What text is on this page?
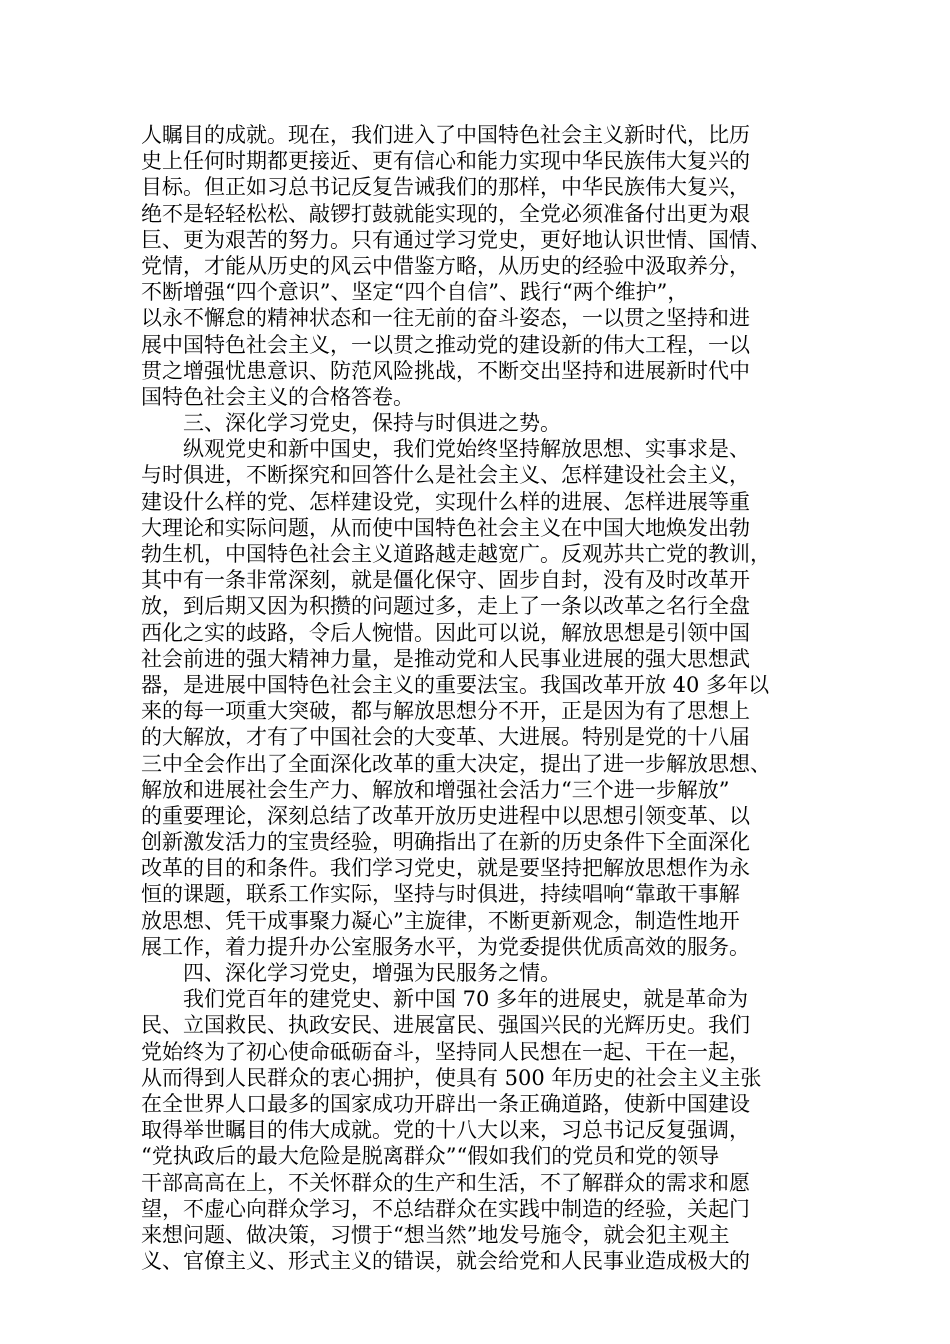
人瞩目的成就。现在，我们进入了中国特色社会主义新时代，比历
史上任何时期都更接近、更有信心和能力实现中华民族伟大复兴的
目标。但正如习总书记反复告诫我们的那样，中华民族伟大复兴，
绝不是轻轻松松、敲锣打鼓就能实现的，全党必须准备付出更为艰
巨、更为艰苦的努力。只有通过学习党史，更好地认识世情、国情、
党情，才能从历史的风云中借鉴方略，从历史的经验中汲取养分，
不断增强“四个意识”、坚定“四个自信”、践行“两个维护”，
以永不懈怠的精神状态和一往无前的奋斗姿态，一以贯之坚持和进
展中国特色社会主义，一以贯之推动党的建设新的伟大工程，一以
贯之增强忧患意识、防范风险挑战，不断交出坚持和进展新时代中
国特色社会主义的合格答卷。
三、深化学习党史，保持与时俱进之势。
纵观党史和新中国史，我们党始终坚持解放思想、实事求是、
与时俱进，不断探究和回答什么是社会主义、怎样建设社会主义，
建设什么样的党、怎样建设党，实现什么样的进展、怎样进展等重
大理论和实际问题，从而使中国特色社会主义在中国大地焕发出勃
勃生机，中国特色社会主义道路越走越宽广。反观苏共亡党的教训，
其中有一条非常深刻，就是僵化保守、固步自封，没有及时改革开
放，到后期又因为积攒的问题过多，走上了一条以改革之名行全盘
西化之实的歧路，令后人惋惜。因此可以说，解放思想是引领中国
社会前进的强大精神力量，是推动党和人民事业进展的强大思想武
器，是进展中国特色社会主义的重要法宝。我国改革开放 40 多年以
来的每一项重大突破，都与解放思想分不开，正是因为有了思想上
的大解放，才有了中国社会的大变革、大进展。特别是党的十八届
三中全会作出了全面深化改革的重大决定，提出了进一步解放思想、
解放和进展社会生产力、解放和增强社会活力“三个进一步解放”
的重要理论，深刻总结了改革开放历史进程中以思想引领变革、以
创新激发活力的宝贵经验，明确指出了在新的历史条件下全面深化
改革的目的和条件。我们学习党史，就是要坚持把解放思想作为永
恒的课题，联系工作实际，坚持与时俱进，持续唱响“靠敢干事解
放思想、凭干成事聚力凝心”主旋律，不断更新观念，制造性地开
展工作，着力提升办公室服务水平，为党委提供优质高效的服务。
四、深化学习党史，增强为民服务之情。
我们党百年的建党史、新中国 70 多年的进展史，就是革命为
民、立国救民、执政安民、进展富民、强国兴民的光辉历史。我们
党始终为了初心使命砥砺奋斗，坚持同人民想在一起、干在一起，
从而得到人民群众的衷心拥护，使具有 500 年历史的社会主义主张
在全世界人口最多的国家成功开辟出一条正确道路，使新中国建设
取得举世瞩目的伟大成就。党的十八大以来，习总书记反复强调，
“党执政后的最大危险是脱离群众”“假如我们的党员和党的领导
干部高高在上，不关怀群众的生产和生活，不了解群众的需求和愿
望，不虚心向群众学习，不总结群众在实践中制造的经验，关起门
来想问题、做决策，习惯于“想当然”地发号施令，就会犯主观主
义、官僚主义、形式主义的错误，就会给党和人民事业造成极大的
